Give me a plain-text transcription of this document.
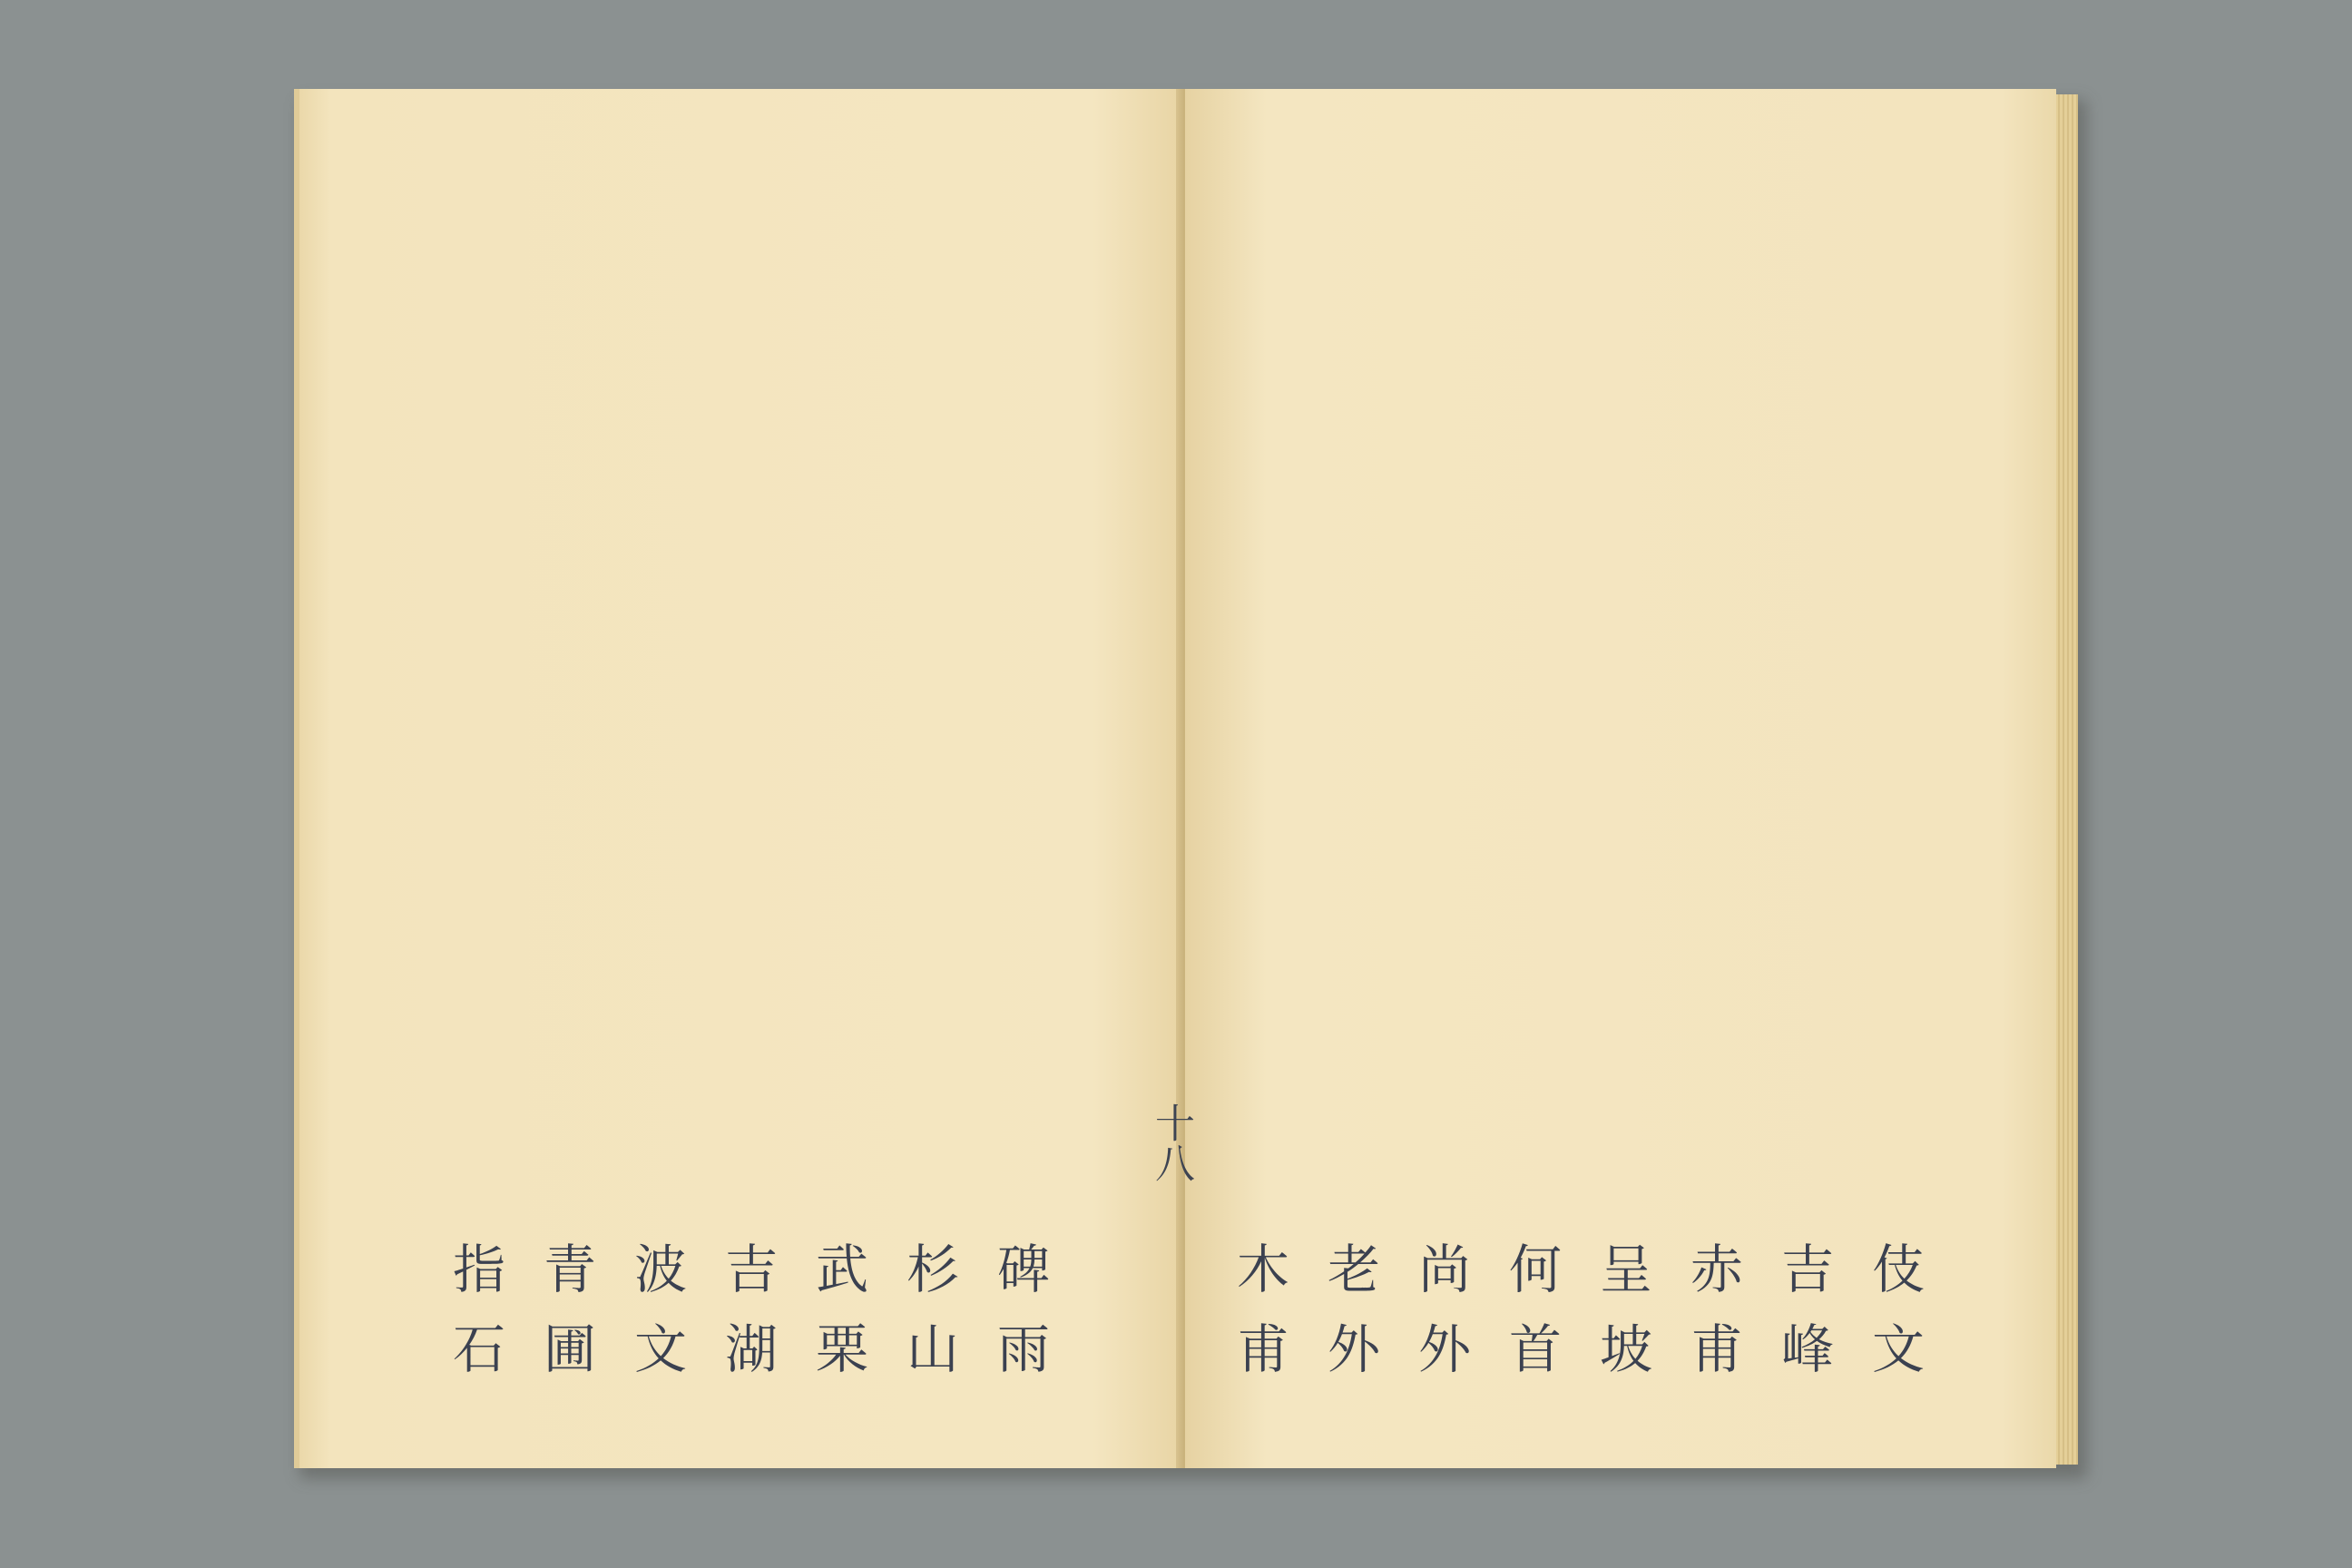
碑雨
杉山
武栗
吉湖
波文
青圃
指石	伎文
吉峰
赤甫
呈坡
何首
尚外
老外
木甫
十八
